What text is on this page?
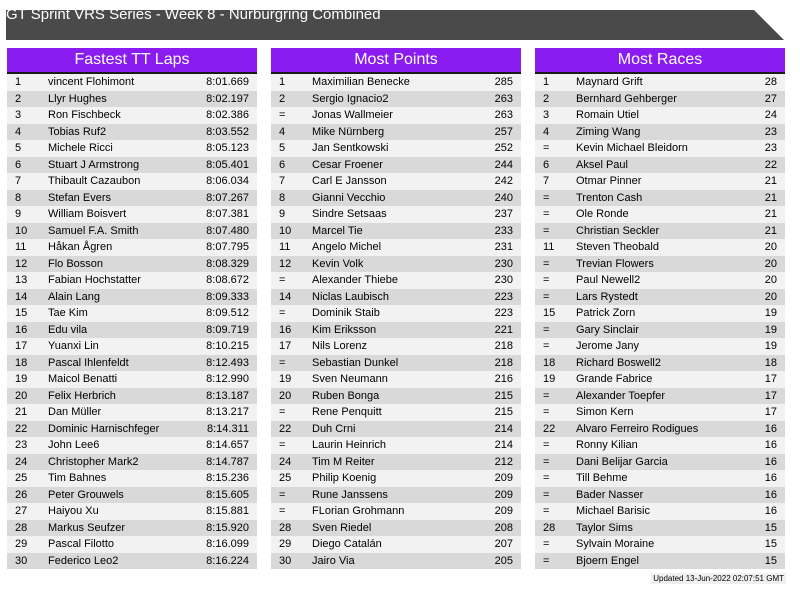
GT Sprint VRS Series - Week 8 - Nürburgring Combined
Fastest TT Laps
1 vincent Flohimont	8:01.669
2 Llyr Hughes	8:02.197
3 Ron Fischbeck	8:02.386
4 Tobias Ruf2	8:03.552
5 Michele Ricci	8:05.123
6 Stuart J Armstrong	8:05.401
7 Thibault Cazaubon	8:06.034
8 Stefan Evers	8:07.267
9 William Boisvert	8:07.381
10 Samuel F.A. Smith	8:07.480
11 Håkan Ågren	8:07.795
12 Flo Bosson	8:08.329
13 Fabian Hochstatter	8:08.672
14 Alain Lang	8:09.333
15 Tae Kim	8:09.512
16 Edu vila	8:09.719
17 Yuanxi Lin	8:10.215
18 Pascal Ihlenfeldt	8:12.493
19 Maicol Benatti	8:12.990
20 Felix Herbrich	8:13.187
21 Dan Müller	8:13.217
22 Dominic Harnischfeger	8:14.311
23 John Lee6	8:14.657
24 Christopher Mark2	8:14.787
25 Tim Bahnes	8:15.236
26 Peter Grouwels	8:15.605
27 Haiyou Xu	8:15.881
28 Markus Seufzer	8:15.920
29 Pascal Filotto	8:16.099
30 Federico Leo2	8:16.224
Most Points
1 Maximilian Benecke	285
2 Sergio Ignacio2	263
= Jonas Wallmeier	263
4 Mike Nürnberg	257
5 Jan Sentkowski	252
6 Cesar Froener	244
7 Carl E Jansson	242
8 Gianni Vecchio	240
9 Sindre Setsaas	237
10 Marcel Tie	233
11 Angelo Michel	231
12 Kevin Volk	230
= Alexander Thiebe	230
14 Niclas Laubisch	223
= Dominik Staib	223
16 Kim Eriksson	221
17 Nils Lorenz	218
= Sebastian Dunkel	218
19 Sven Neumann	216
20 Ruben Bonga	215
= Rene Penquitt	215
22 Duh Crni	214
= Laurin Heinrich	214
24 Tim M Reiter	212
25 Philip Koenig	209
= Rune Janssens	209
= FLorian Grohmann	209
28 Sven Riedel	208
29 Diego Catalán	207
30 Jairo Via	205
Most Races
1 Maynard Grift	28
2 Bernhard Gehberger	27
3 Romain Utiel	24
4 Ziming Wang	23
= Kevin Michael Bleidorn	23
6 Aksel Paul	22
7 Otmar Pinner	21
= Trenton Cash	21
= Ole Ronde	21
= Christian Seckler	21
11 Steven Theobald	20
= Trevian Flowers	20
= Paul Newell2	20
= Lars Rystedt	20
15 Patrick Zorn	19
= Gary Sinclair	19
= Jerome Jany	19
18 Richard Boswell2	18
19 Grande Fabrice	17
= Alexander Toepfer	17
= Simon Kern	17
22 Alvaro Ferreiro Rodigues	16
= Ronny Kilian	16
= Dani Belijar Garcia	16
= Till Behme	16
= Bader Nasser	16
= Michael Barisic	16
28 Taylor Sims	15
= Sylvain Moraine	15
= Bjoern Engel	15
Updated 13-Jun-2022 02:07:51 GMT
